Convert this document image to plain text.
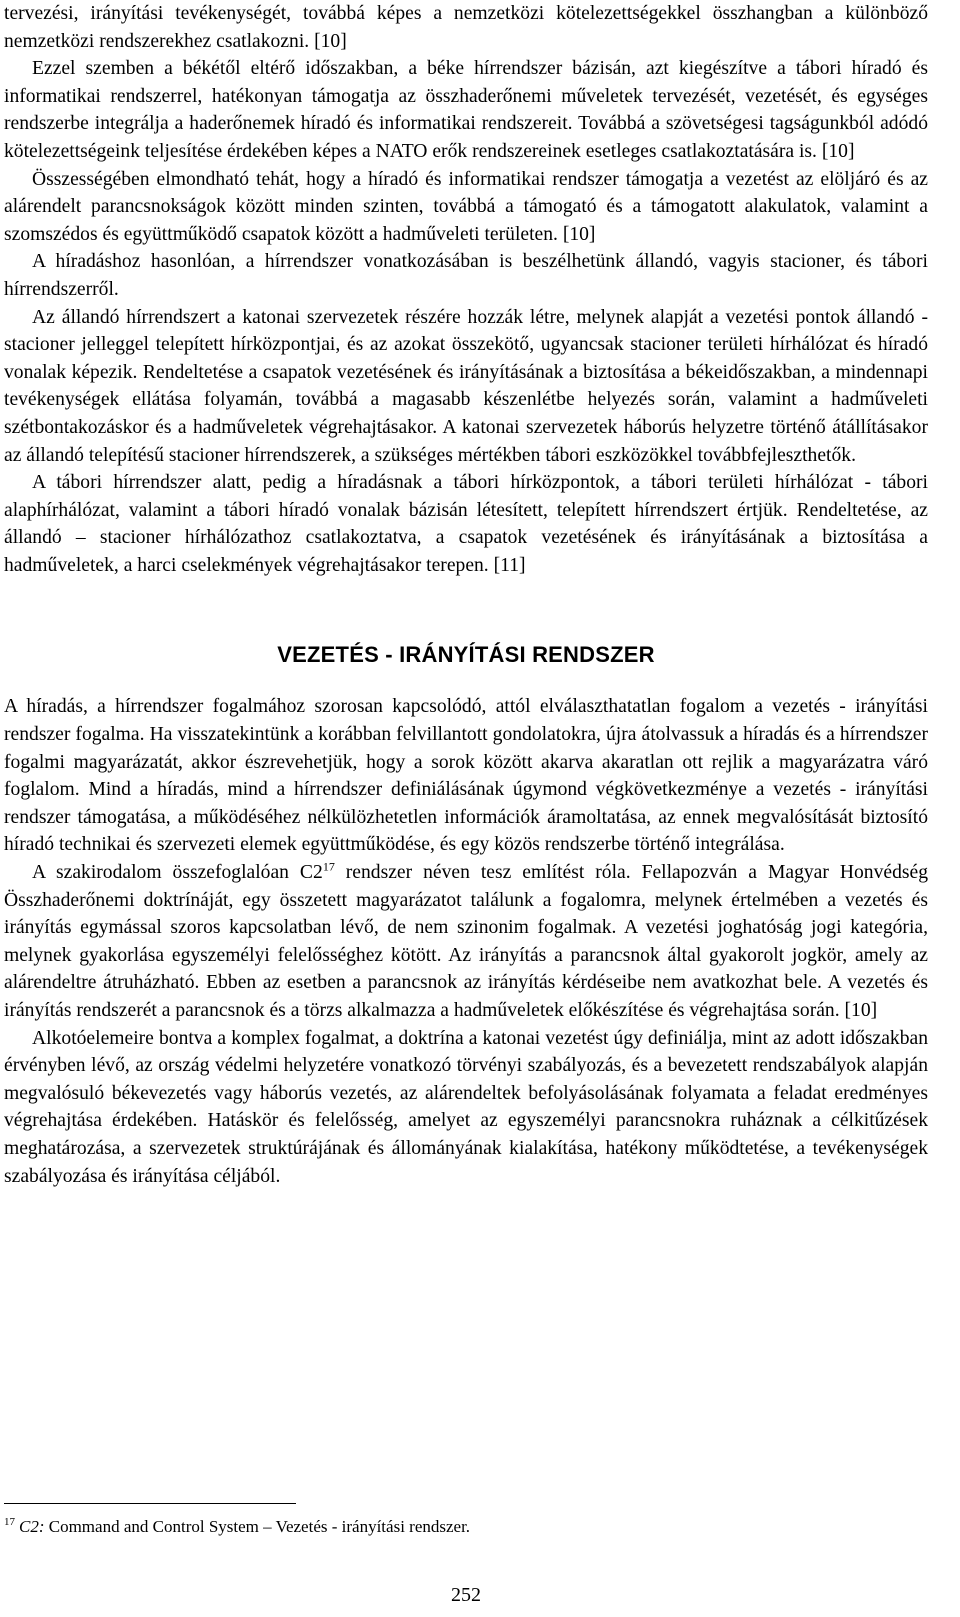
tervezési, irányítási tevékenységét, továbbá képes a nemzetközi kötelezettségekkel összhangban a különböző nemzetközi rendszerekhez csatlakozni. [10]

Ezzel szemben a békétől eltérő időszakban, a béke hírrendszer bázisán, azt kiegészítve a tábori híradó és informatikai rendszerrel, hatékonyan támogatja az összhaderőnemi műveletek tervezését, vezetését, és egységes rendszerbe integrálja a haderőnemek híradó és informatikai rendszereit. Továbbá a szövetségesi tagságunkból adódó kötelezettségeink teljesítése érdekében képes a NATO erők rendszereinek esetleges csatlakoztatására is. [10]

Összességében elmondható tehát, hogy a híradó és informatikai rendszer támogatja a vezetést az elöljáró és az alárendelt parancsnokságok között minden szinten, továbbá a támogató és a támogatott alakulatok, valamint a szomszédos és együttműködő csapatok között a hadműveleti területen. [10]

A híradáshoz hasonlóan, a hírrendszer vonatkozásában is beszélhetünk állandó, vagyis stacioner, és tábori hírrendszerről.

Az állandó hírrendszert a katonai szervezetek részére hozzák létre, melynek alapját a vezetési pontok állandó - stacioner jelleggel telepített hírközpontjai, és az azokat összekötő, ugyancsak stacioner területi hírhálózat és híradó vonalak képezik. Rendeltetése a csapatok vezetésének és irányításának a biztosítása a békeidőszakban, a mindennapi tevékenységek ellátása folyamán, továbbá a magasabb készenlétbe helyezés során, valamint a hadműveleti szétbontakozáskor és a hadműveletek végrehajtásakor. A katonai szervezetek háborús helyzetre történő átállításakor az állandó telepítésű stacioner hírrendszerek, a szükséges mértékben tábori eszközökkel továbbfejleszthetők.

A tábori hírrendszer alatt, pedig a híradásnak a tábori hírközpontok, a tábori területi hírhálózat - tábori alaphírhálózat, valamint a tábori híradó vonalak bázisán létesített, telepített hírrendszert értjük. Rendeltetése, az állandó – stacioner hírhálózathoz csatlakoztatva, a csapatok vezetésének és irányításának a biztosítása a hadműveletek, a harci cselekmények végrehajtásakor terepen. [11]

VEZETÉS - IRÁNYÍTÁSI RENDSZER

A híradás, a hírrendszer fogalmához szorosan kapcsolódó, attól elválaszthatatlan fogalom a vezetés - irányítási rendszer fogalma. Ha visszatekintünk a korábban felvillantott gondolatokra, újra átolvassuk a híradás és a hírrendszer fogalmi magyarázatát, akkor észrevehetjük, hogy a sorok között akarva akaratlan ott rejlik a magyarázatra váró foglalom. Mind a híradás, mind a hírrendszer definiálásának úgymond végkövetkezménye a vezetés - irányítási rendszer támogatása, a működéséhez nélkülözhetetlen információk áramoltatása, az ennek megvalósítását biztosító híradó technikai és szervezeti elemek együttműködése, és egy közös rendszerbe történő integrálása.

A szakirodalom összefoglalóan $C2^{17}$ rendszer néven tesz említést róla. Fellapozván a Magyar Honvédség Összhaderőnemi doktrínáját, egy összetett magyarázatot találunk a fogalomra, melynek értelmében a vezetés és irányítás egymással szoros kapcsolatban lévő, de nem szinonim fogalmak. A vezetési joghatóság jogi kategória, melynek gyakorlása egyszemélyi felelősséghez kötött. Az irányítás a parancsnok által gyakorolt jogkör, amely az alárendeltre átruházható. Ebben az esetben a parancsnok az irányítás kérdéseibe nem avatkozhat bele. A vezetés és irányítás rendszerét a parancsnok és a törzs alkalmazza a hadműveletek előkészítése és végrehajtása során. [10]

Alkotóelemeire bontva a komplex fogalmat, a doktrína a katonai vezetést úgy definiálja, mint az adott időszakban érvényben lévő, az ország védelmi helyzetére vonatkozó törvényi szabályozás, és a bevezetett rendszabályok alapján megvalósuló békevezetés vagy háborús vezetés, az alárendeltek befolyásolásának folyamata a feladat eredményes végrehajtása érdekében. Hatáskör és felelősség, amelyet az egyszemélyi parancsnokra ruháznak a célkitűzések meghatározása, a szervezetek struktúrájának és állományának kialakítása, hatékony működtetése, a tevékenységek szabályozása és irányítása céljából.

$^{17}$ C2: Command and Control System – Vezetés - irányítási rendszer.
252
